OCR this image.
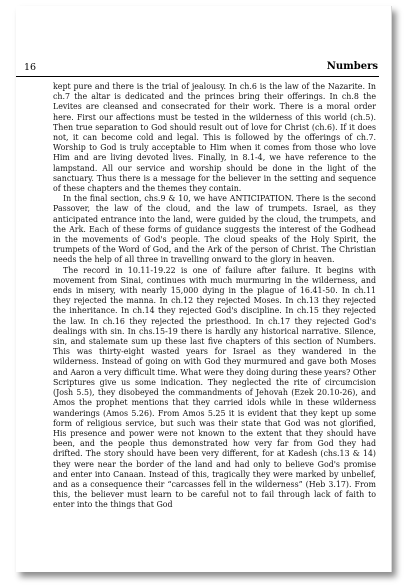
16	Numbers

kept pure and there is the trial of jealousy. In ch.6 is the law of the Nazarite. In ch.7 the altar is dedicated and the princes bring their offerings. In ch.8 the Levites are cleansed and consecrated for their work. There is a moral order here. First our affections must be tested in the wilderness of this world (ch.5). Then true separation to God should result out of love for Christ (ch.6). If it does not, it can become cold and legal. This is followed by the offerings of ch.7. Worship to God is truly acceptable to Him when it comes from those who love Him and are living devoted lives. Finally, in 8.1-4, we have reference to the lampstand. All our service and worship should be done in the light of the sanctuary. Thus there is a message for the believer in the setting and sequence of these chapters and the themes they contain.

In the final section, chs.9 & 10, we have ANTICIPATION. There is the second Passover, the law of the cloud, and the law of trumpets. Israel, as they anticipated entrance into the land, were guided by the cloud, the trumpets, and the Ark. Each of these forms of guidance suggests the interest of the Godhead in the movements of God's people. The cloud speaks of the Holy Spirit, the trumpets of the Word of God, and the Ark of the person of Christ. The Christian needs the help of all three in travelling onward to the glory in heaven.

The record in 10.11-19.22 is one of failure after failure. It begins with movement from Sinai, continues with much murmuring in the wilderness, and ends in misery, with nearly 15,000 dying in the plague of 16.41-50. In ch.11 they rejected the manna. In ch.12 they rejected Moses. In ch.13 they rejected the inheritance. In ch.14 they rejected God's discipline. In ch.15 they rejected the law. In ch.16 they rejected the priesthood. In ch.17 they rejected God's dealings with sin. In chs.15-19 there is hardly any historical narrative. Silence, sin, and stalemate sum up these last five chapters of this section of Numbers. This was thirty-eight wasted years for Israel as they wandered in the wilderness. Instead of going on with God they murmured and gave both Moses and Aaron a very difficult time. What were they doing during these years? Other Scriptures give us some indication. They neglected the rite of circumcision (Josh 5.5), they disobeyed the commandments of Jehovah (Ezek 20.10-26), and Amos the prophet mentions that they carried idols while in these wilderness wanderings (Amos 5.26). From Amos 5.25 it is evident that they kept up some form of religious service, but such was their state that God was not glorified, His presence and power were not known to the extent that they should have been, and the people thus demonstrated how very far from God they had drifted. The story should have been very different, for at Kadesh (chs.13 & 14) they were near the border of the land and had only to believe God's promise and enter into Canaan. Instead of this, tragically they were marked by unbelief, and as a consequence their “carcasses fell in the wilderness” (Heb 3.17). From this, the believer must learn to be careful not to fail through lack of faith to enter into the things that God
